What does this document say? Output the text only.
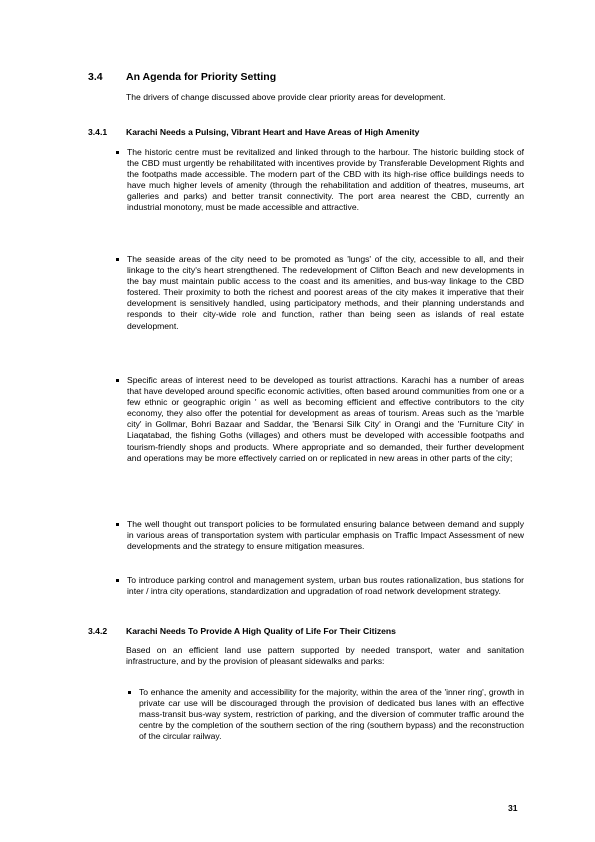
3.4 An Agenda for Priority Setting
The drivers of change discussed above provide clear priority areas for development.
3.4.1 Karachi Needs a Pulsing, Vibrant Heart and Have Areas of High Amenity
The historic centre must be revitalized and linked through to the harbour. The historic building stock of the CBD must urgently be rehabilitated with incentives provide by Transferable Development Rights and the footpaths made accessible. The modern part of the CBD with its high-rise office buildings needs to have much higher levels of amenity (through the rehabilitation and addition of theatres, museums, art galleries and parks) and better transit connectivity. The port area nearest the CBD, currently an industrial monotony, must be made accessible and attractive.
The seaside areas of the city need to be promoted as 'lungs' of the city, accessible to all, and their linkage to the city's heart strengthened. The redevelopment of Clifton Beach and new developments in the bay must maintain public access to the coast and its amenities, and bus-way linkage to the CBD fostered. Their proximity to both the richest and poorest areas of the city makes it imperative that their development is sensitively handled, using participatory methods, and their planning understands and responds to their city-wide role and function, rather than being seen as islands of real estate development.
Specific areas of interest need to be developed as tourist attractions. Karachi has a number of areas that have developed around specific economic activities, often based around communities from one or a few ethnic or geographic origin ' as well as becoming efficient and effective contributors to the city economy, they also offer the potential for development as areas of tourism. Areas such as the 'marble city' in Gollmar, Bohri Bazaar and Saddar, the 'Benarsi Silk City' in Orangi and the 'Furniture City' in Liaqatabad, the fishing Goths (villages) and others must be developed with accessible footpaths and tourism-friendly shops and products. Where appropriate and so demanded, their further development and operations may be more effectively carried on or replicated in new areas in other parts of the city;
The well thought out transport policies to be formulated ensuring balance between demand and supply in various areas of transportation system with particular emphasis on Traffic Impact Assessment of new developments and the strategy to ensure mitigation measures.
To introduce parking control and management system, urban bus routes rationalization, bus stations for inter / intra city operations, standardization and upgradation of road network development strategy.
3.4.2 Karachi Needs To Provide A High Quality of Life For Their Citizens
Based on an efficient land use pattern supported by needed transport, water and sanitation infrastructure, and by the provision of pleasant sidewalks and parks:
To enhance the amenity and accessibility for the majority, within the area of the 'inner ring', growth in private car use will be discouraged through the provision of dedicated bus lanes with an effective mass-transit bus-way system, restriction of parking, and the diversion of commuter traffic around the centre by the completion of the southern section of the ring (southern bypass) and the reconstruction of the circular railway.
31
